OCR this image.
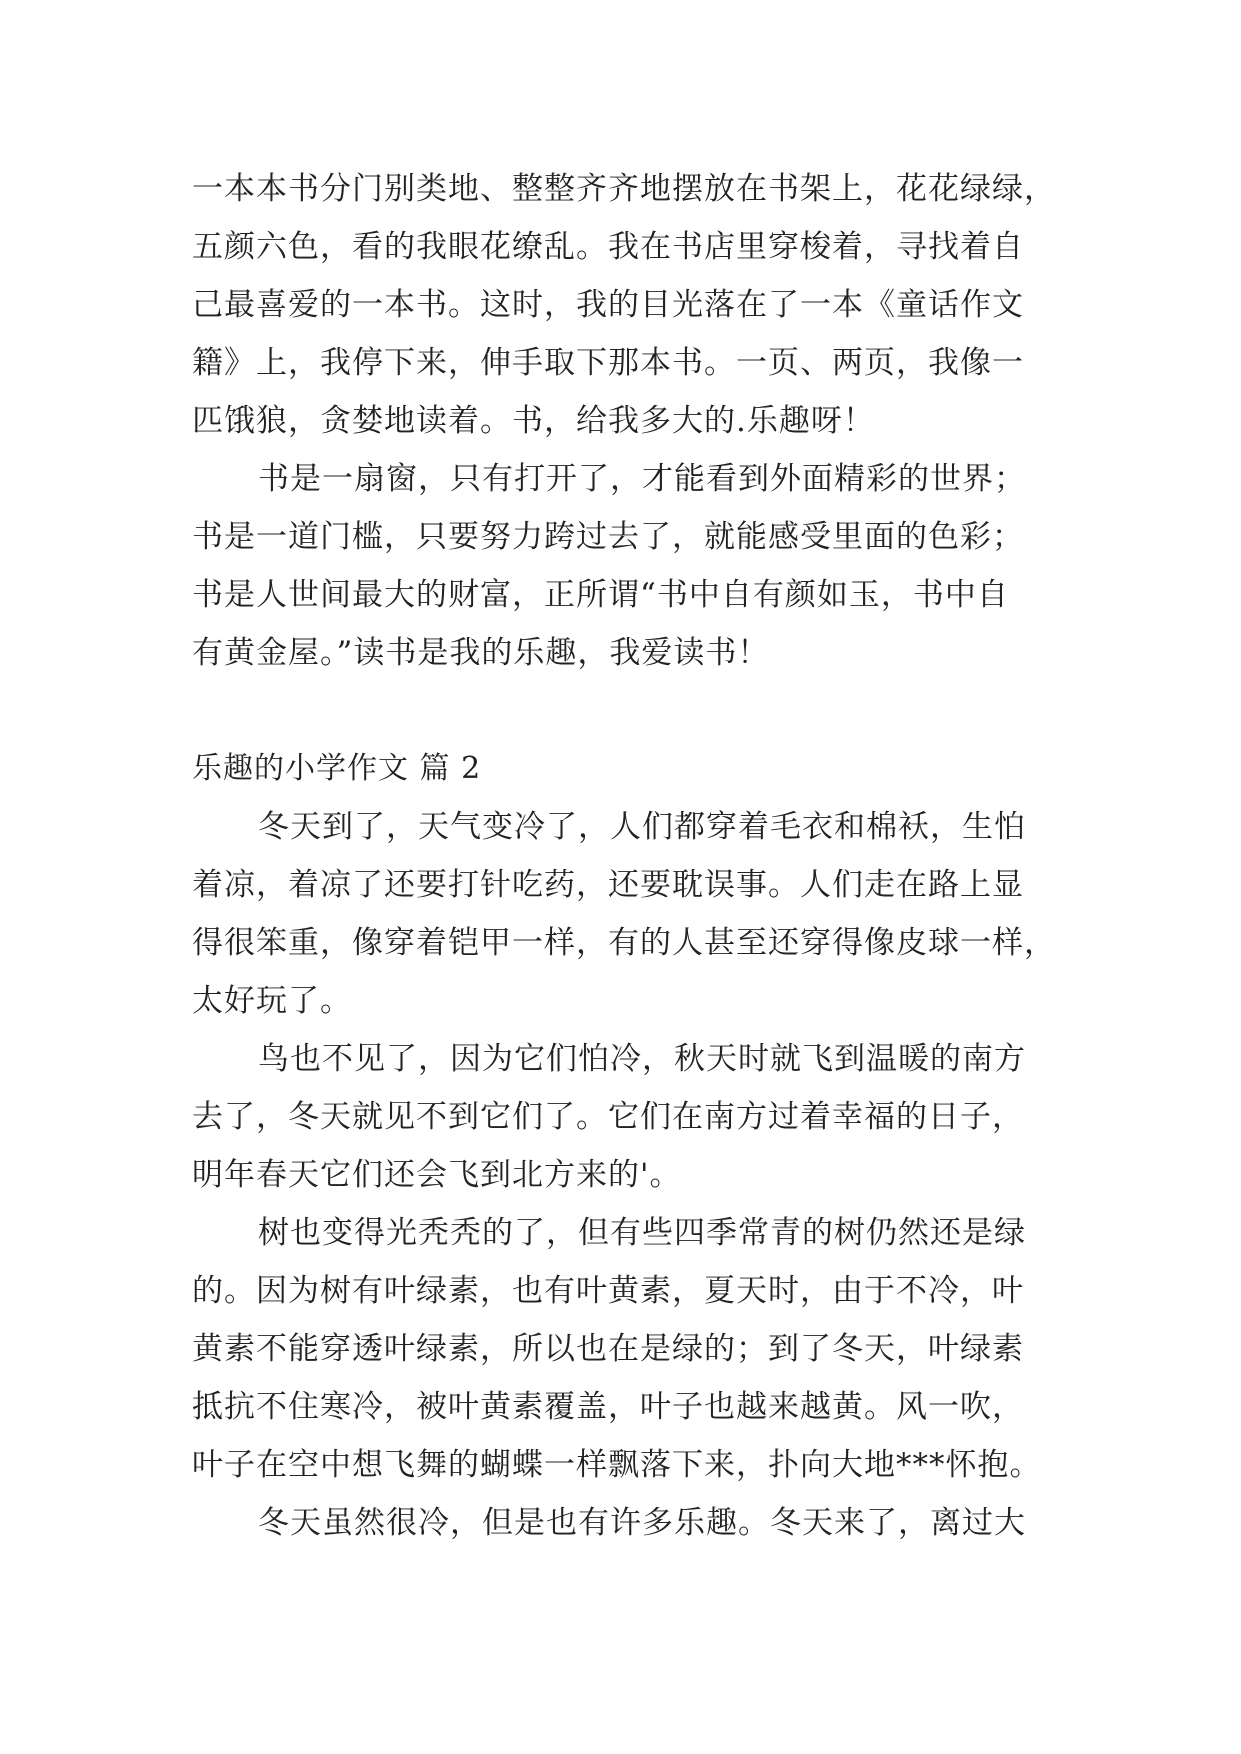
一本本书分门别类地、整整齐齐地摆放在书架上，花花绿绿，
五颜六色，看的我眼花缭乱。我在书店里穿梭着，寻找着自
己最喜爱的一本书。这时，我的目光落在了一本《童话作文
籍》上，我停下来，伸手取下那本书。一页、两页，我像一
匹饿狼，贪婪地读着。书，给我多大的.乐趣呀！
书是一扇窗，只有打开了，才能看到外面精彩的世界；
书是一道门槛，只要努力跨过去了，就能感受里面的色彩；
书是人世间最大的财富，正所谓“书中自有颜如玉，书中自
有黄金屋。”读书是我的乐趣，我爱读书！
乐趣的小学作文 篇 2
冬天到了，天气变冷了，人们都穿着毛衣和棉袄，生怕
着凉，着凉了还要打针吃药，还要耽误事。人们走在路上显
得很笨重，像穿着铠甲一样，有的人甚至还穿得像皮球一样，
太好玩了。
鸟也不见了，因为它们怕冷，秋天时就飞到温暖的南方
去了，冬天就见不到它们了。它们在南方过着幸福的日子，
明年春天它们还会飞到北方来的'。
树也变得光秃秃的了，但有些四季常青的树仍然还是绿
的。因为树有叶绿素，也有叶黄素，夏天时，由于不冷，叶
黄素不能穿透叶绿素，所以也在是绿的；到了冬天，叶绿素
抵抗不住寒冷，被叶黄素覆盖，叶子也越来越黄。风一吹，
叶子在空中想飞舞的蝴蝶一样飘落下来，扑向大地***怀抱。
冬天虽然很冷，但是也有许多乐趣。冬天来了，离过大
